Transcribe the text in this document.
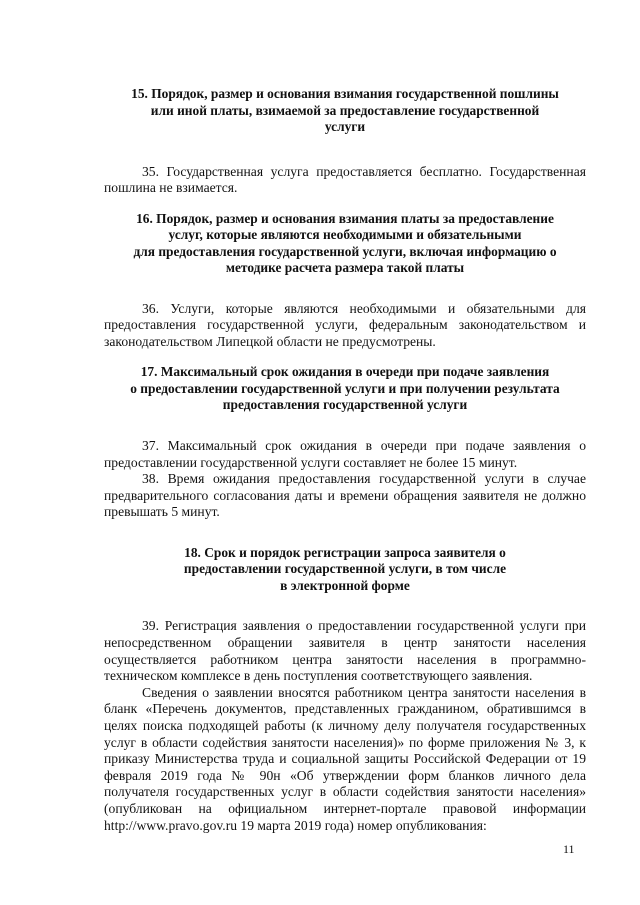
15. Порядок, размер и основания взимания государственной пошлины
или иной платы, взимаемой за предоставление государственной
услуги

35. Государственная услуга предоставляется бесплатно. Государственная пошлина не взимается.

16. Порядок, размер и основания взимания платы за предоставление
услуг, которые являются необходимыми и обязательными
для предоставления государственной услуги, включая информацию о
методике расчета размера такой платы

36. Услуги, которые являются необходимыми и обязательными для предоставления государственной услуги, федеральным законодательством и законодательством Липецкой области не предусмотрены.

17. Максимальный срок ожидания в очереди при подаче заявления
о предоставлении государственной услуги и при получении результата
предоставления государственной услуги

37. Максимальный срок ожидания в очереди при подаче заявления о предоставлении государственной услуги составляет не более 15 минут.

38. Время ожидания предоставления государственной услуги в случае предварительного согласования даты и времени обращения заявителя не должно превышать 5 минут.

18. Срок и порядок регистрации запроса заявителя о
предоставлении государственной услуги, в том числе
в электронной форме

39. Регистрация заявления о предоставлении государственной услуги при непосредственном обращении заявителя в центр занятости населения осуществляется работником центра занятости населения в программно-техническом комплексе в день поступления соответствующего заявления.

Сведения о заявлении вносятся работником центра занятости населения в бланк «Перечень документов, представленных гражданином, обратившимся в целях поиска подходящей работы (к личному делу получателя государственных услуг в области содействия занятости населения)» по форме приложения № 3, к приказу Министерства труда и социальной защиты Российской Федерации от 19 февраля 2019 года № 90н «Об утверждении форм бланков личного дела получателя государственных услуг в области содействия занятости населения» (опубликован на официальном интернет-портале правовой информации http://www.pravo.gov.ru 19 марта 2019 года) номер опубликования:

11
